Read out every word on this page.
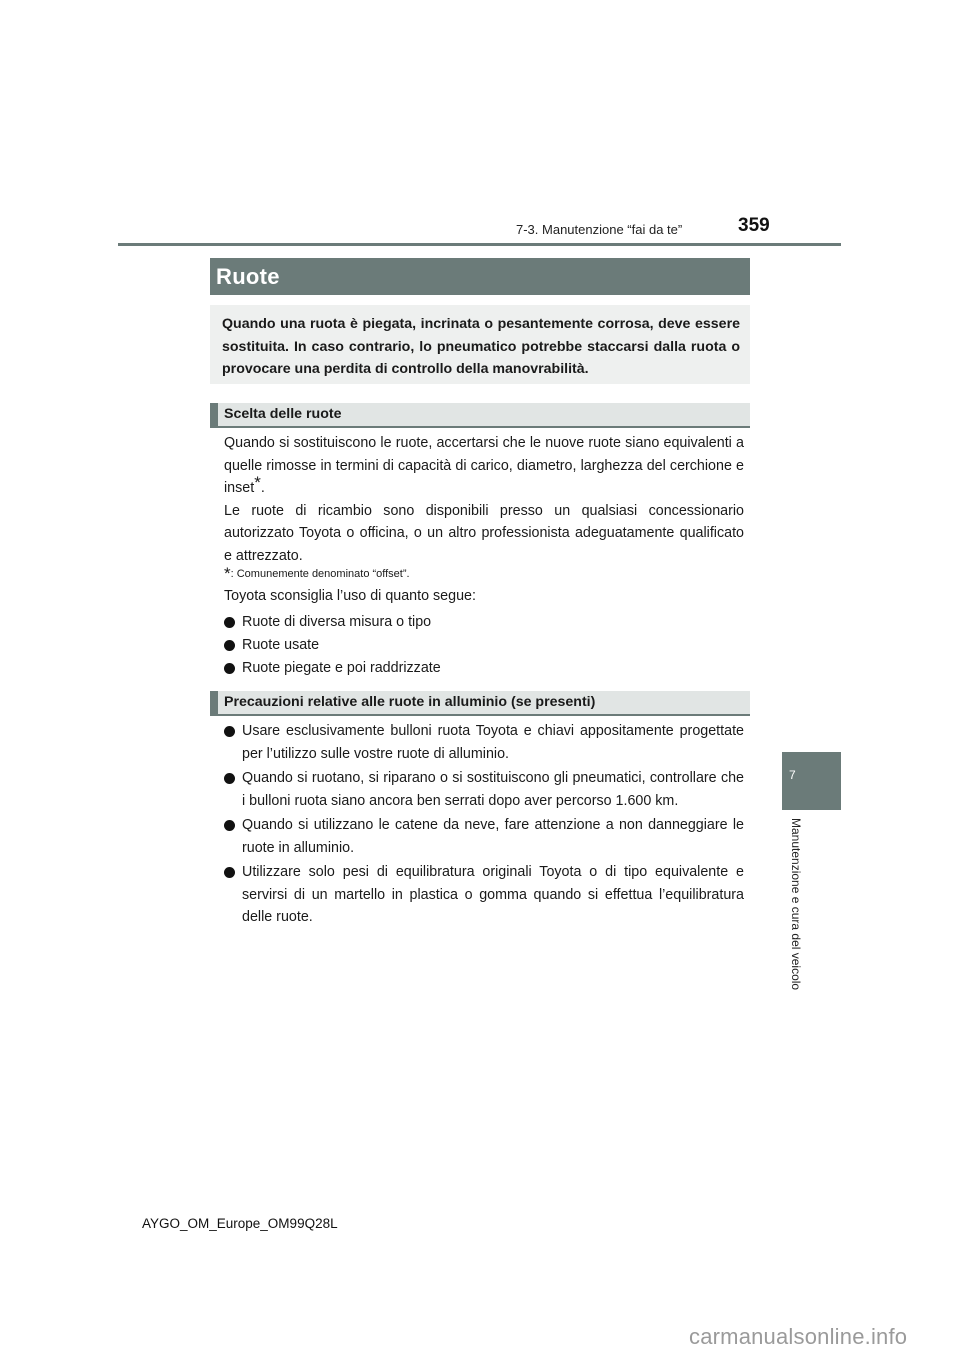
7-3. Manutenzione “fai da te”	359
Ruote
Quando una ruota è piegata, incrinata o pesantemente corrosa, deve essere sostituita. In caso contrario, lo pneumatico potrebbe staccarsi dalla ruota o provocare una perdita di controllo della manovrabilità.
Scelta delle ruote
Quando si sostituiscono le ruote, accertarsi che le nuove ruote siano equivalenti a quelle rimosse in termini di capacità di carico, diametro, larghezza del cerchione e inset*.
Le ruote di ricambio sono disponibili presso un qualsiasi concessionario autorizzato Toyota o officina, o un altro professionista adeguatamente qualificato e attrezzato.
*: Comunemente denominato “offset”.
Toyota sconsiglia l’uso di quanto segue:
Ruote di diversa misura o tipo
Ruote usate
Ruote piegate e poi raddrizzate
Precauzioni relative alle ruote in alluminio (se presenti)
Usare esclusivamente bulloni ruota Toyota e chiavi appositamente progettate per l’utilizzo sulle vostre ruote di alluminio.
Quando si ruotano, si riparano o si sostituiscono gli pneumatici, controllare che i bulloni ruota siano ancora ben serrati dopo aver percorso 1.600 km.
Quando si utilizzano le catene da neve, fare attenzione a non danneggiare le ruote in alluminio.
Utilizzare solo pesi di equilibratura originali Toyota o di tipo equivalente e servirsi di un martello in plastica o gomma quando si effettua l’equilibratura delle ruote.
7
Manutenzione e cura del veicolo
AYGO_OM_Europe_OM99Q28L
carmanualsonline.info
